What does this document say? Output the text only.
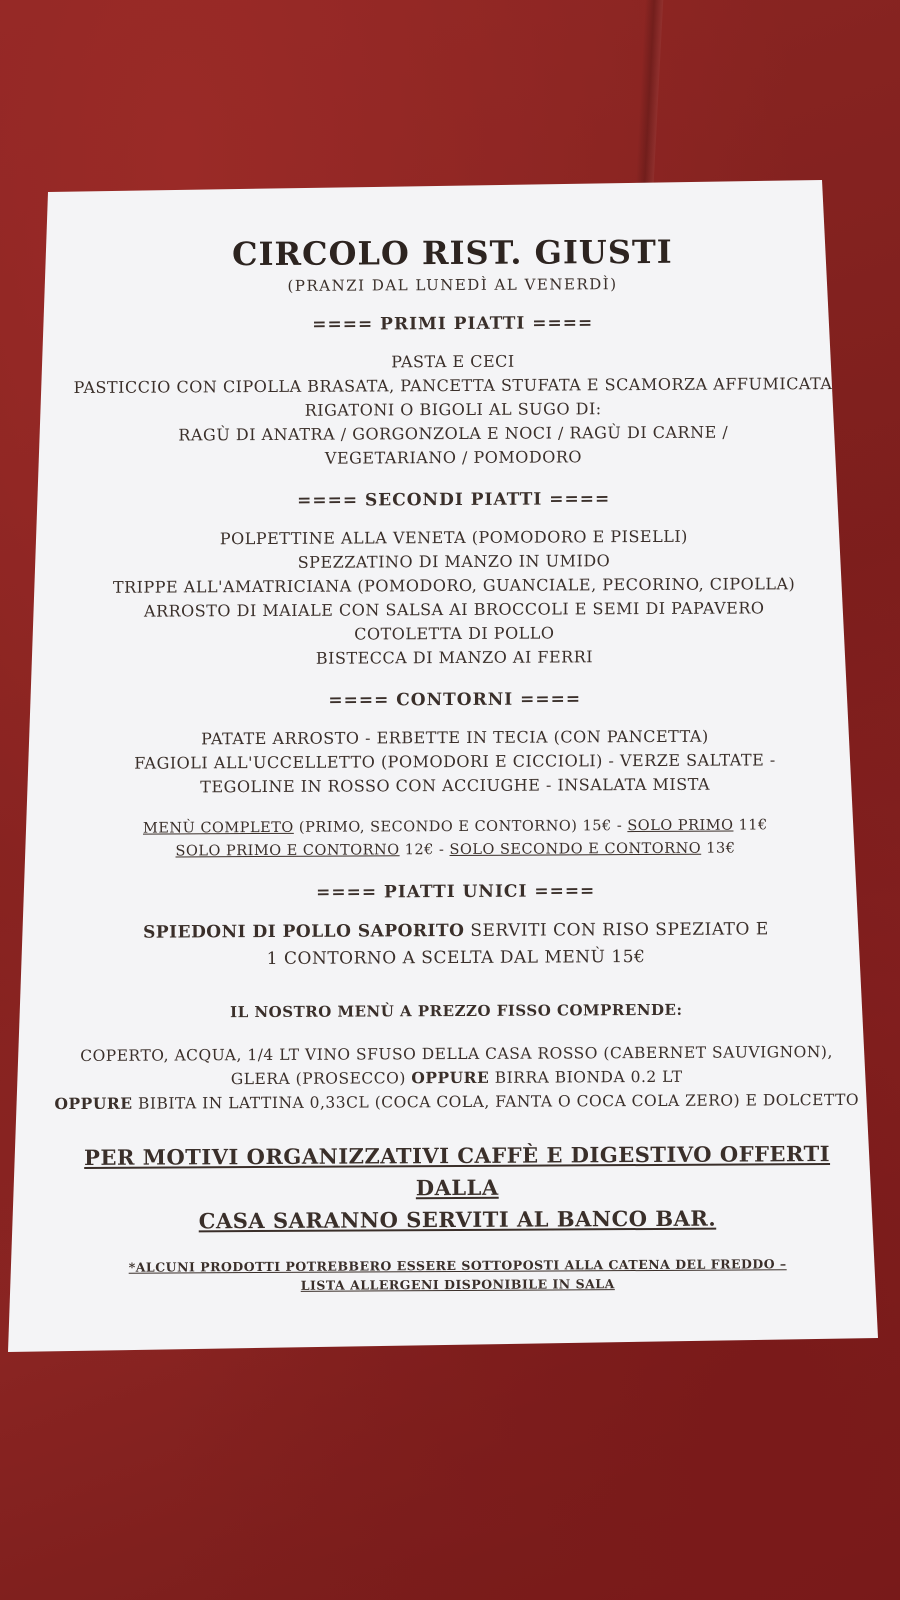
CIRCOLO RIST. GIUSTI
(PRANZI DAL LUNEDÌ AL VENERDÌ)
==== PRIMI PIATTI ====

PASTA E CECI

PASTICCIO CON CIPOLLA BRASATA, PANCETTA STUFATA E SCAMORZA AFFUMICATA

RIGATONI O BIGOLI AL SUGO DI:

RAGÙ DI ANATRA / GORGONZOLA E NOCI / RAGÙ DI CARNE /

VEGETARIANO / POMODORO

==== SECONDI PIATTI ====

POLPETTINE ALLA VENETA (POMODORO E PISELLI)

SPEZZATINO DI MANZO IN UMIDO

TRIPPE ALL'AMATRICIANA (POMODORO, GUANCIALE, PECORINO, CIPOLLA)

ARROSTO DI MAIALE CON SALSA AI BROCCOLI E SEMI DI PAPAVERO

COTOLETTA DI POLLO

BISTECCA DI MANZO AI FERRI

==== CONTORNI ====

PATATE ARROSTO - ERBETTE IN TECIA (CON PANCETTA)

FAGIOLI ALL'UCCELLETTO (POMODORI E CICCIOLI) - VERZE SALTATE -

TEGOLINE IN ROSSO CON ACCIUGHE - INSALATA MISTA

MENÙ COMPLETO (PRIMO, SECONDO E CONTORNO) 15€ - SOLO PRIMO 11€
SOLO PRIMO E CONTORNO 12€ - SOLO SECONDO E CONTORNO 13€
==== PIATTI UNICI ====

SPIEDONI DI POLLO SAPORITO SERVITI CON RISO SPEZIATO E

1 CONTORNO A SCELTA DAL MENÙ 15€

IL NOSTRO MENÙ A PREZZO FISSO COMPRENDE:

COPERTO, ACQUA, 1/4 LT VINO SFUSO DELLA CASA ROSSO (CABERNET SAUVIGNON),

GLERA (PROSECCO) OPPURE BIRRA BIONDA 0.2 LT

OPPURE BIBITA IN LATTINA 0,33CL (COCA COLA, FANTA O COCA COLA ZERO) E DOLCETTO

PER MOTIVI ORGANIZZATIVI CAFFÈ E DIGESTIVO OFFERTI DALLA
CASA SARANNO SERVITI AL BANCO BAR.
*ALCUNI PRODOTTI POTREBBERO ESSERE SOTTOPOSTI ALLA CATENA DEL FREDDO –
LISTA ALLERGENI DISPONIBILE IN SALA
